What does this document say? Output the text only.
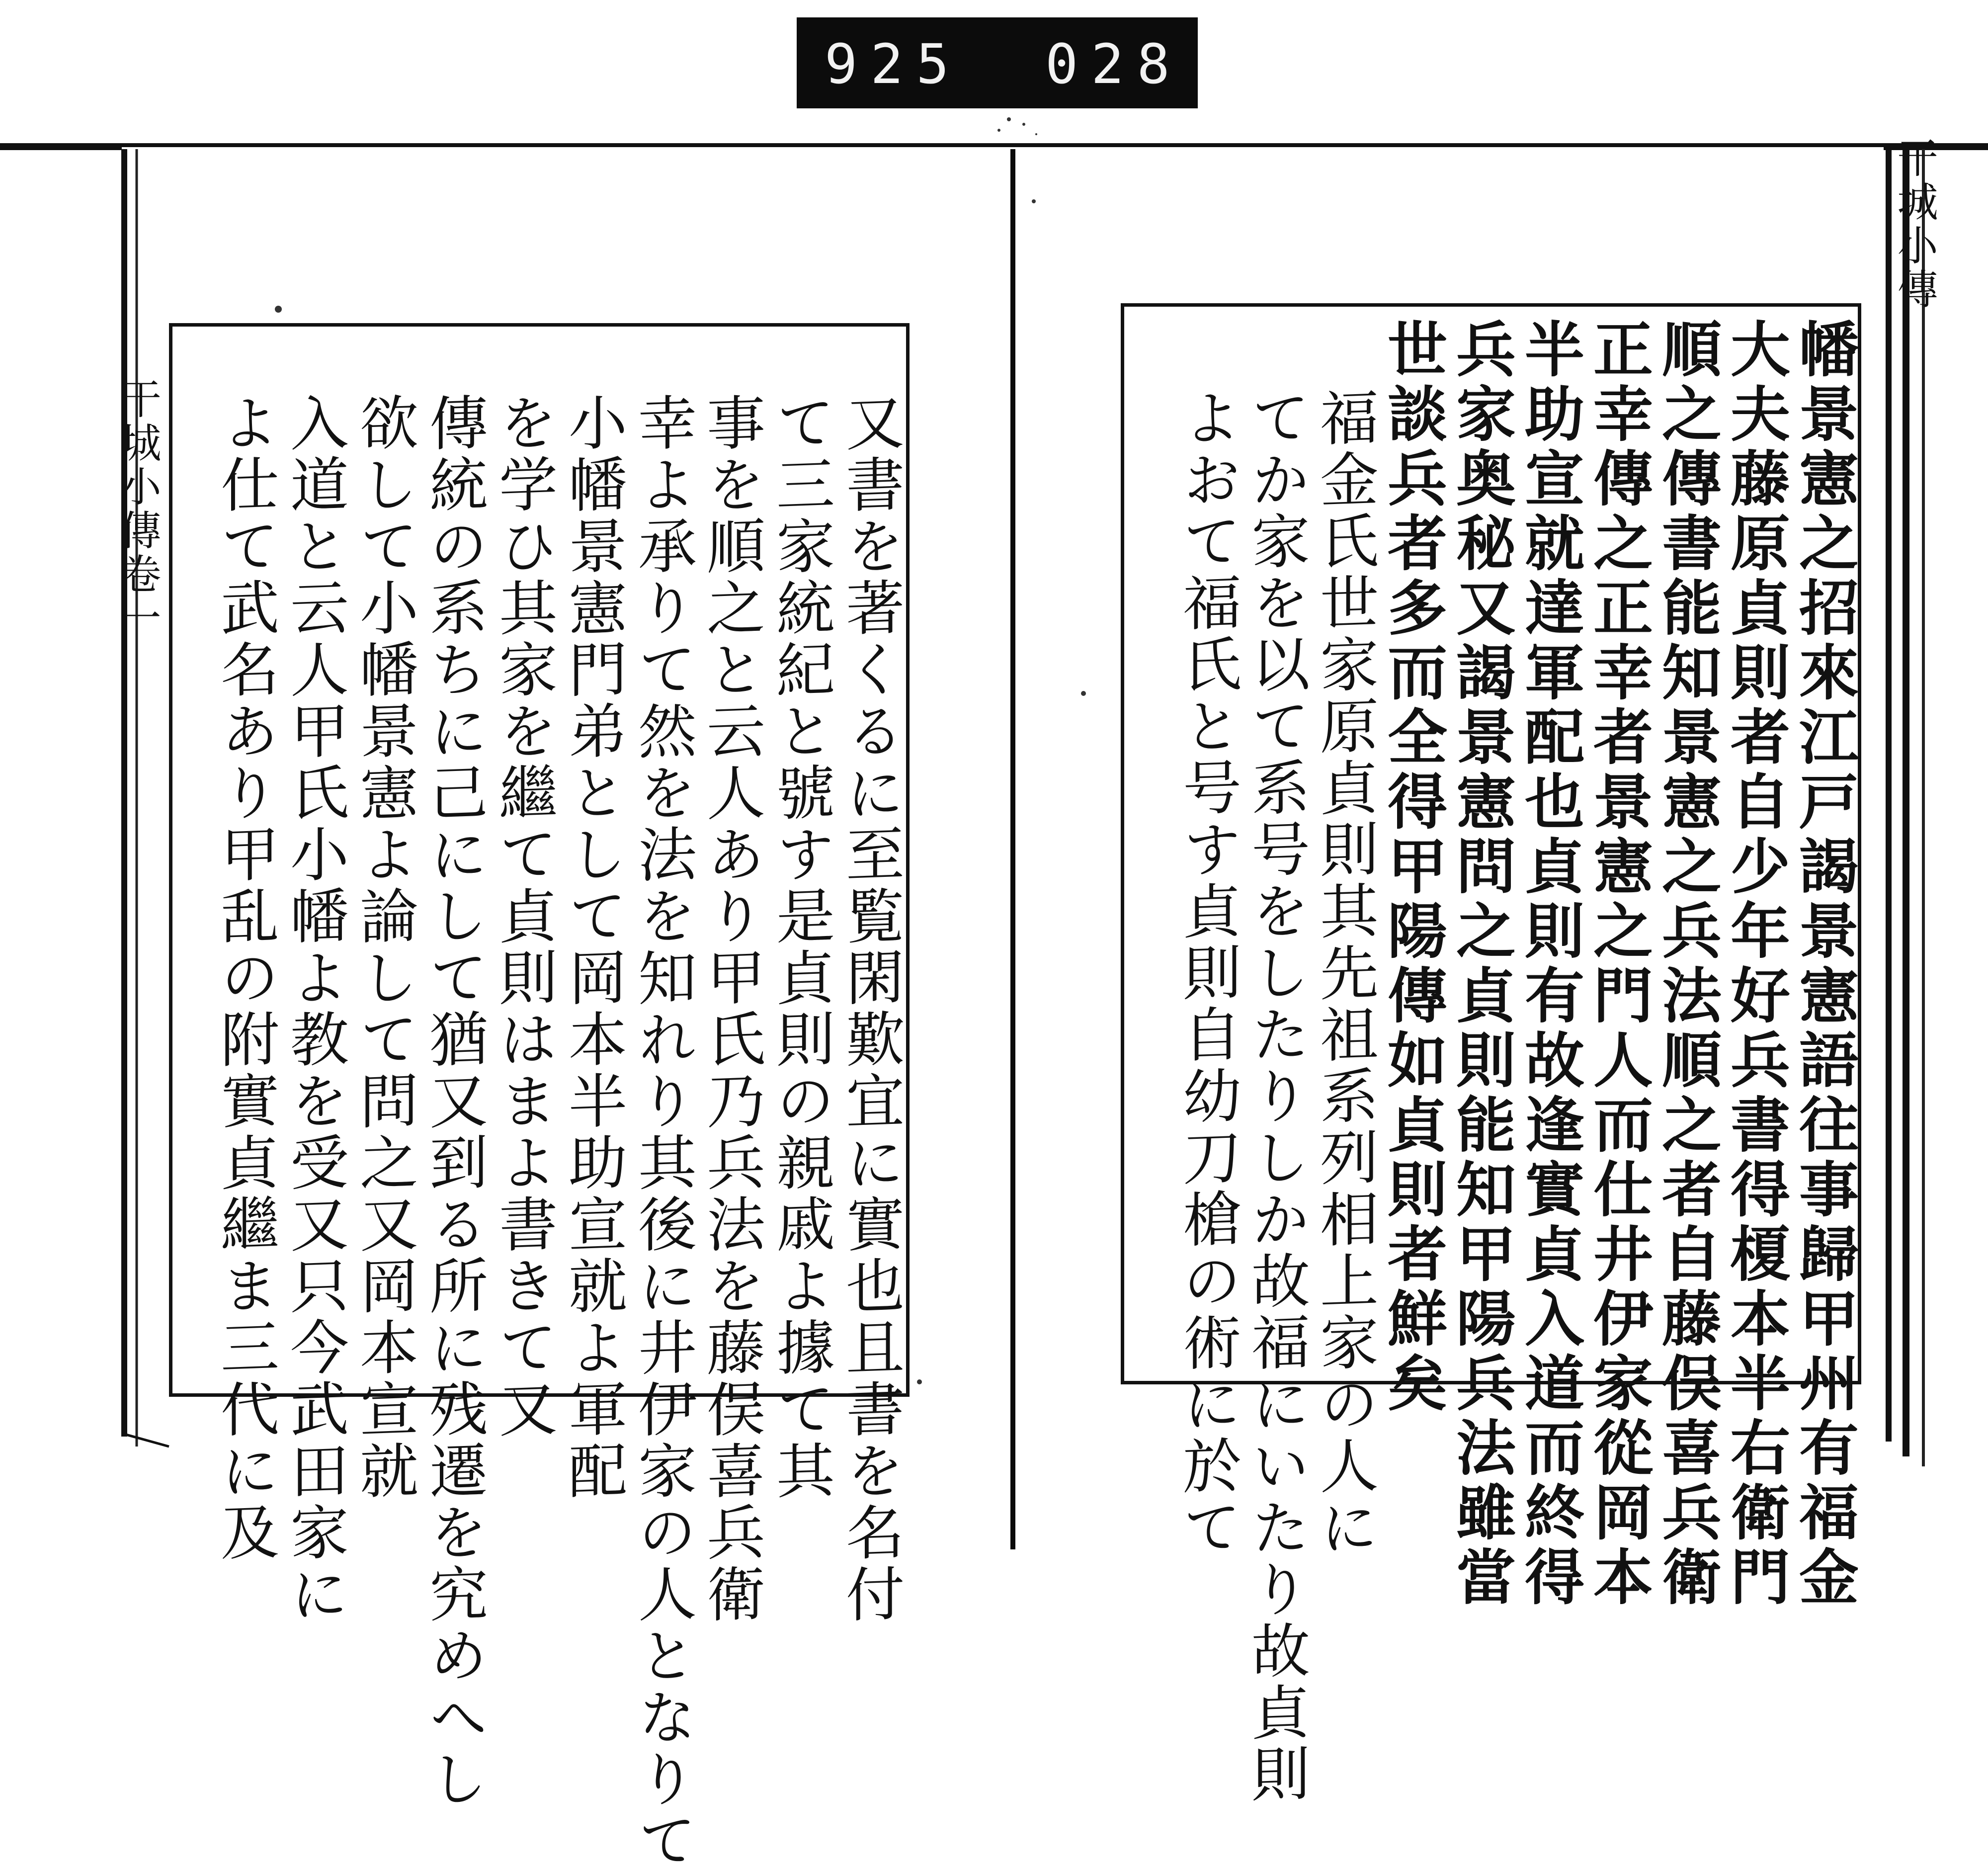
925 028
干城小傳卷一
干城小傳
又書を著くるに至覧閑歎宜に實也且書を名付
て三家統紀と號す是貞則の親戚よ據て其
事を順之と云人あり甲氏乃兵法を藤俣喜兵衛
幸よ承りて然を法を知れり其後に井伊家の人となりて
小幡景憲門弟として岡本半助宣就よ軍配
を学ひ其家を繼て貞則はまよ書きて又
傳統の系ちに己にして猶又到る所に残遷を究めへし
欲して小幡景憲よ論して問之又岡本宣就
入道と云人甲氏小幡よ教を受又只今武田家に
よ仕て武名あり甲乱の附實貞繼ま三代に及	幡景憲之招來江戸謁景憲語往事歸甲州有福金
大夫藤原貞則者自少年好兵書得榎本半右衛門
順之傳書能知景憲之兵法順之者自藤俣喜兵衛
正幸傳之正幸者景憲之門人而仕井伊家從岡本
半助宣就達軍配也貞則有故逢實貞入道而終得
兵家奥秘又謁景憲問之貞則能知甲陽兵法雖當
世談兵者多而全得甲陽傳如貞則者鮮矣
福金氏世家原貞則其先祖系列相上家の人に
てか家を以て系号をしたりしか故福にいたり故貞則
よおて福氏と号す貞則自幼刀槍の術に於て
